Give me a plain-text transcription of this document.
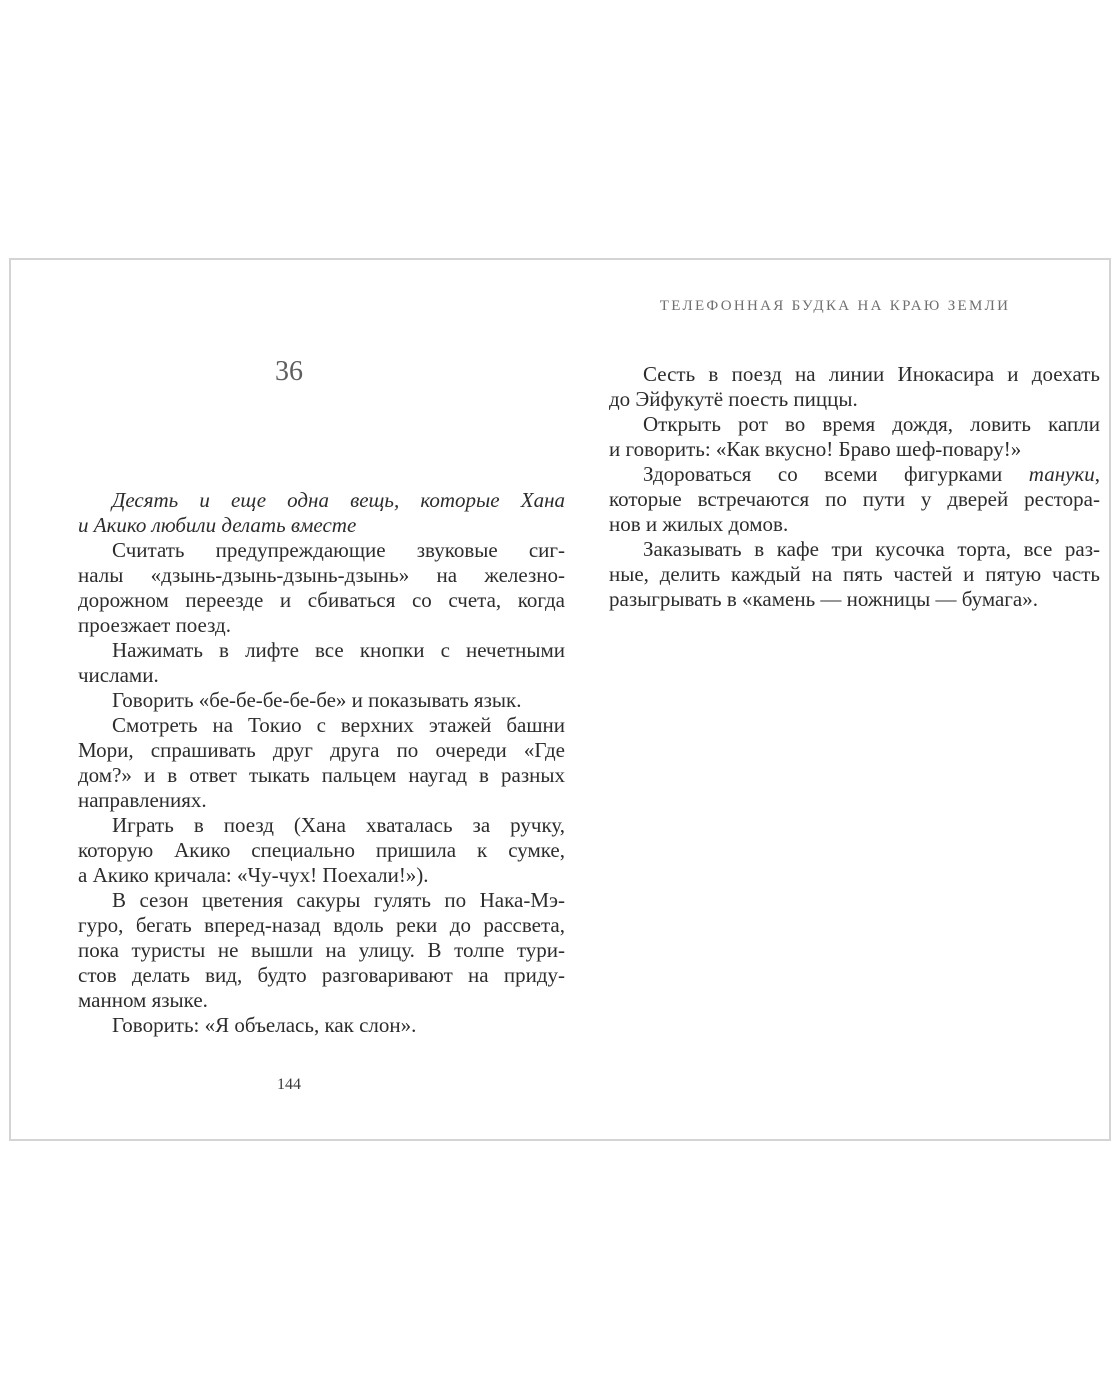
ТЕЛЕФОННАЯ БУДКА НА КРАЮ ЗЕМЛИ
36
Десять и еще одна вещь, которые Хана
и Акико любили делать вместе
Считать предупреждающие звуковые сиг-
налы «дзынь-дзынь-дзынь-дзынь» на железно-
дорожном переезде и сбиваться со счета, когда
проезжает поезд.
Нажимать в лифте все кнопки с нечетными
числами.
Говорить «бе-бе-бе-бе-бе» и показывать язык.
Смотреть на Токио с верхних этажей башни
Мори, спрашивать друг друга по очереди «Где
дом?» и в ответ тыкать пальцем наугад в разных
направлениях.
Играть в поезд (Хана хваталась за ручку,
которую Акико специально пришила к сумке,
а Акико кричала: «Чу-чух! Поехали!»).
В сезон цветения сакуры гулять по Нака-Мэ-
гуро, бегать вперед-назад вдоль реки до рассвета,
пока туристы не вышли на улицу. В толпе тури-
стов делать вид, будто разговаривают на приду-
манном языке.
Говорить: «Я объелась, как слон».
Сесть в поезд на линии Инокасира и доехать
до Эйфукутё поесть пиццы.
Открыть рот во время дождя, ловить капли
и говорить: «Как вкусно! Браво шеф-повару!»
Здороваться со всеми фигурками тануки,
которые встречаются по пути у дверей рестора-
нов и жилых домов.
Заказывать в кафе три кусочка торта, все раз-
ные, делить каждый на пять частей и пятую часть
разыгрывать в «камень — ножницы — бумага».
144
